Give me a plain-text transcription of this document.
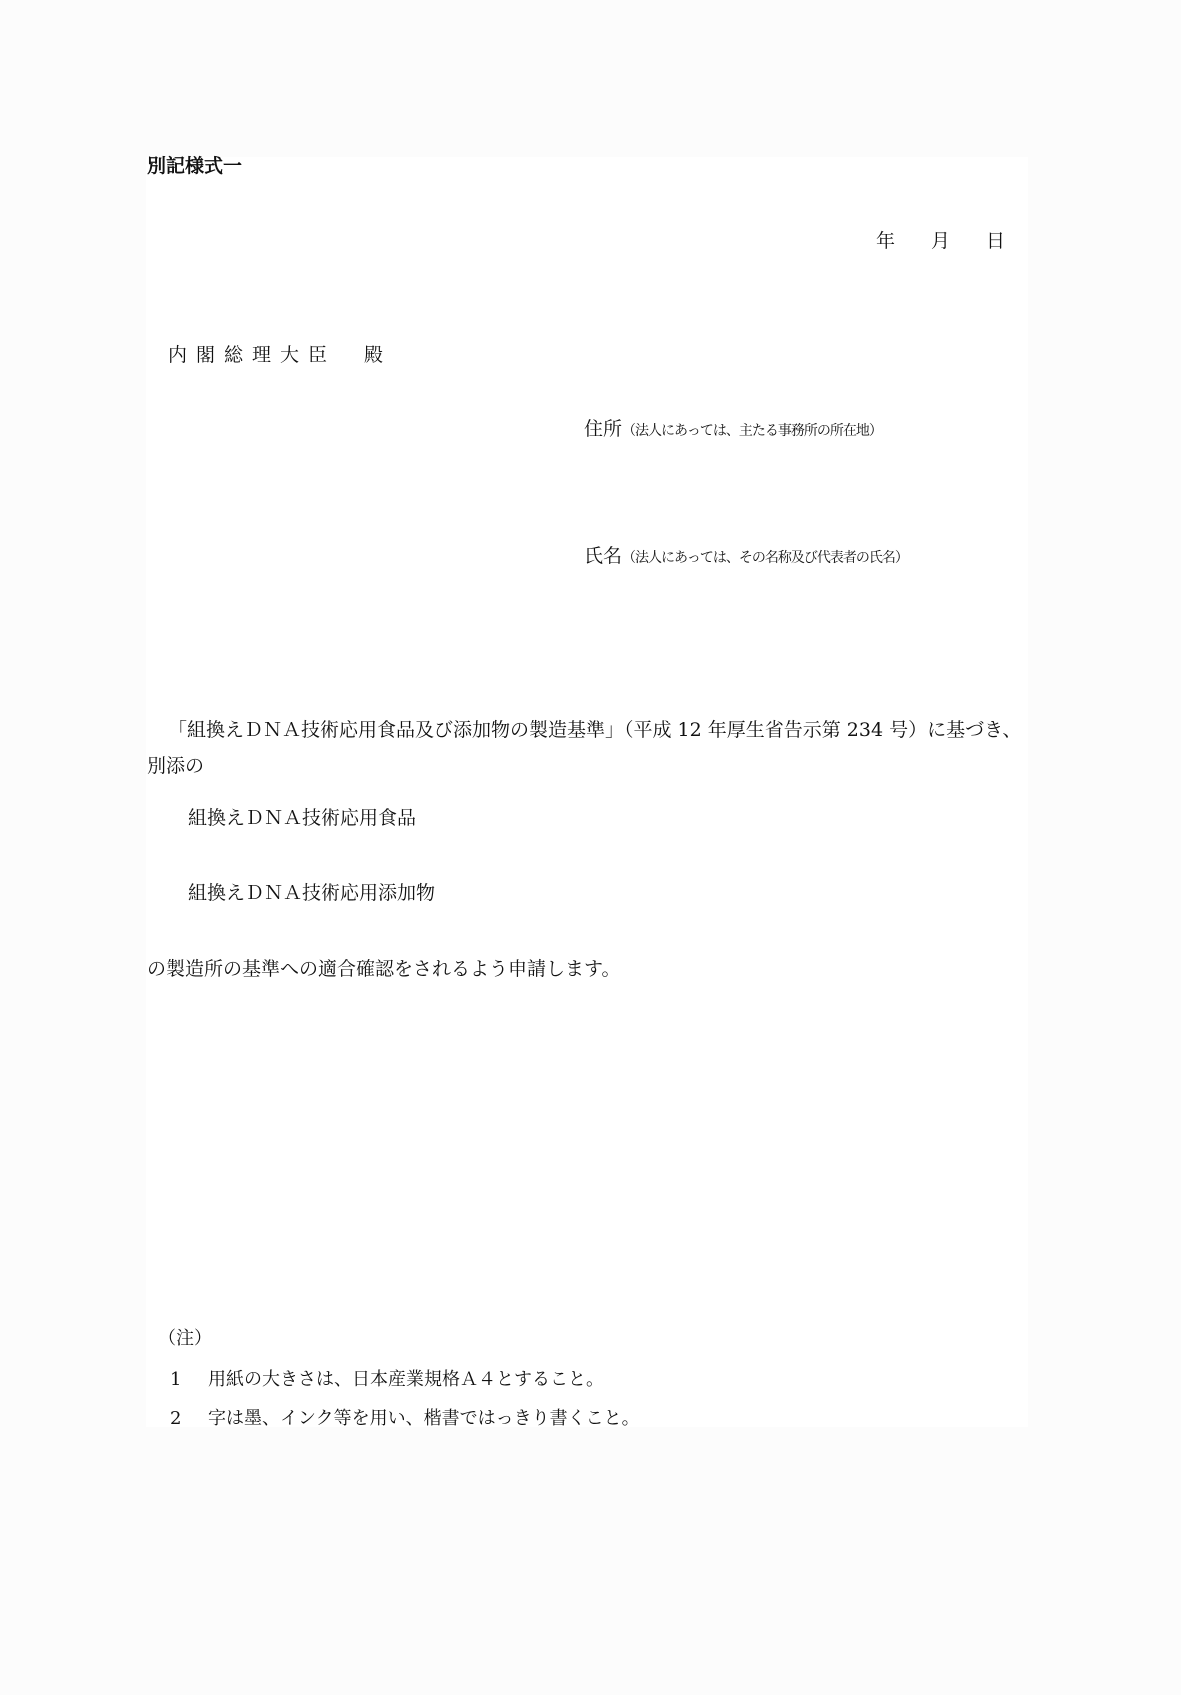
別記様式一
年 月 日
内閣総理大臣　殿
住所（法人にあっては、主たる事務所の所在地）
氏名（法人にあっては、その名称及び代表者の氏名）
「組換えＤＮＡ技術応用食品及び添加物の製造基準」（平成 12 年厚生省告示第 234 号）に基づき、別添の
組換えＤＮＡ技術応用食品
組換えＤＮＡ技術応用添加物
の製造所の基準への適合確認をされるよう申請します。
（注）
1 用紙の大きさは、日本産業規格Ａ４とすること。
2 字は墨、インク等を用い、楷書ではっきり書くこと。
